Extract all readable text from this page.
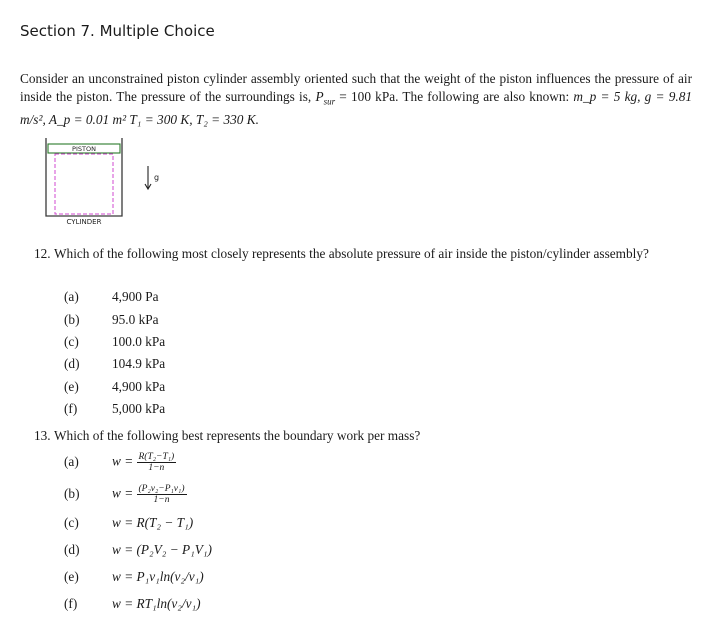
Section 7. Multiple Choice
Consider an unconstrained piston cylinder assembly oriented such that the weight of the piston influences the pressure of air inside the piston. The pressure of the surroundings is, $P_{sur} = 100$ kPa. The following are also known: m_p = 5 kg, g = 9.81 m/s², A_p = 0.01 m² T₁ = 300 K, T₂ = 330 K.
PISTON
CYLINDER
g
12. Which of the following most closely represents the absolute pressure of air inside the piston/cylinder assembly?
(a) 4,900 Pa
(b) 95.0 kPa
(c) 100.0 kPa
(d) 104.9 kPa
(e) 4,900 kPa
(f)	5,000 kPa
13. Which of the following best represents the boundary work per mass?
(a) $w = \frac{\text{R(T₂−T₁)}}{1-n}$
(b) $w = \frac{\text{(P₂v₂−P₁v₁)}}{1-n}$
(c) w = R(T₂ − T₁)
(d) w = (P₂V₂ − P₁V₁)
(e) w = P₁v₁ln(v₂/v₁)
(f)	w = RT₁ln(v₂/v₁)
